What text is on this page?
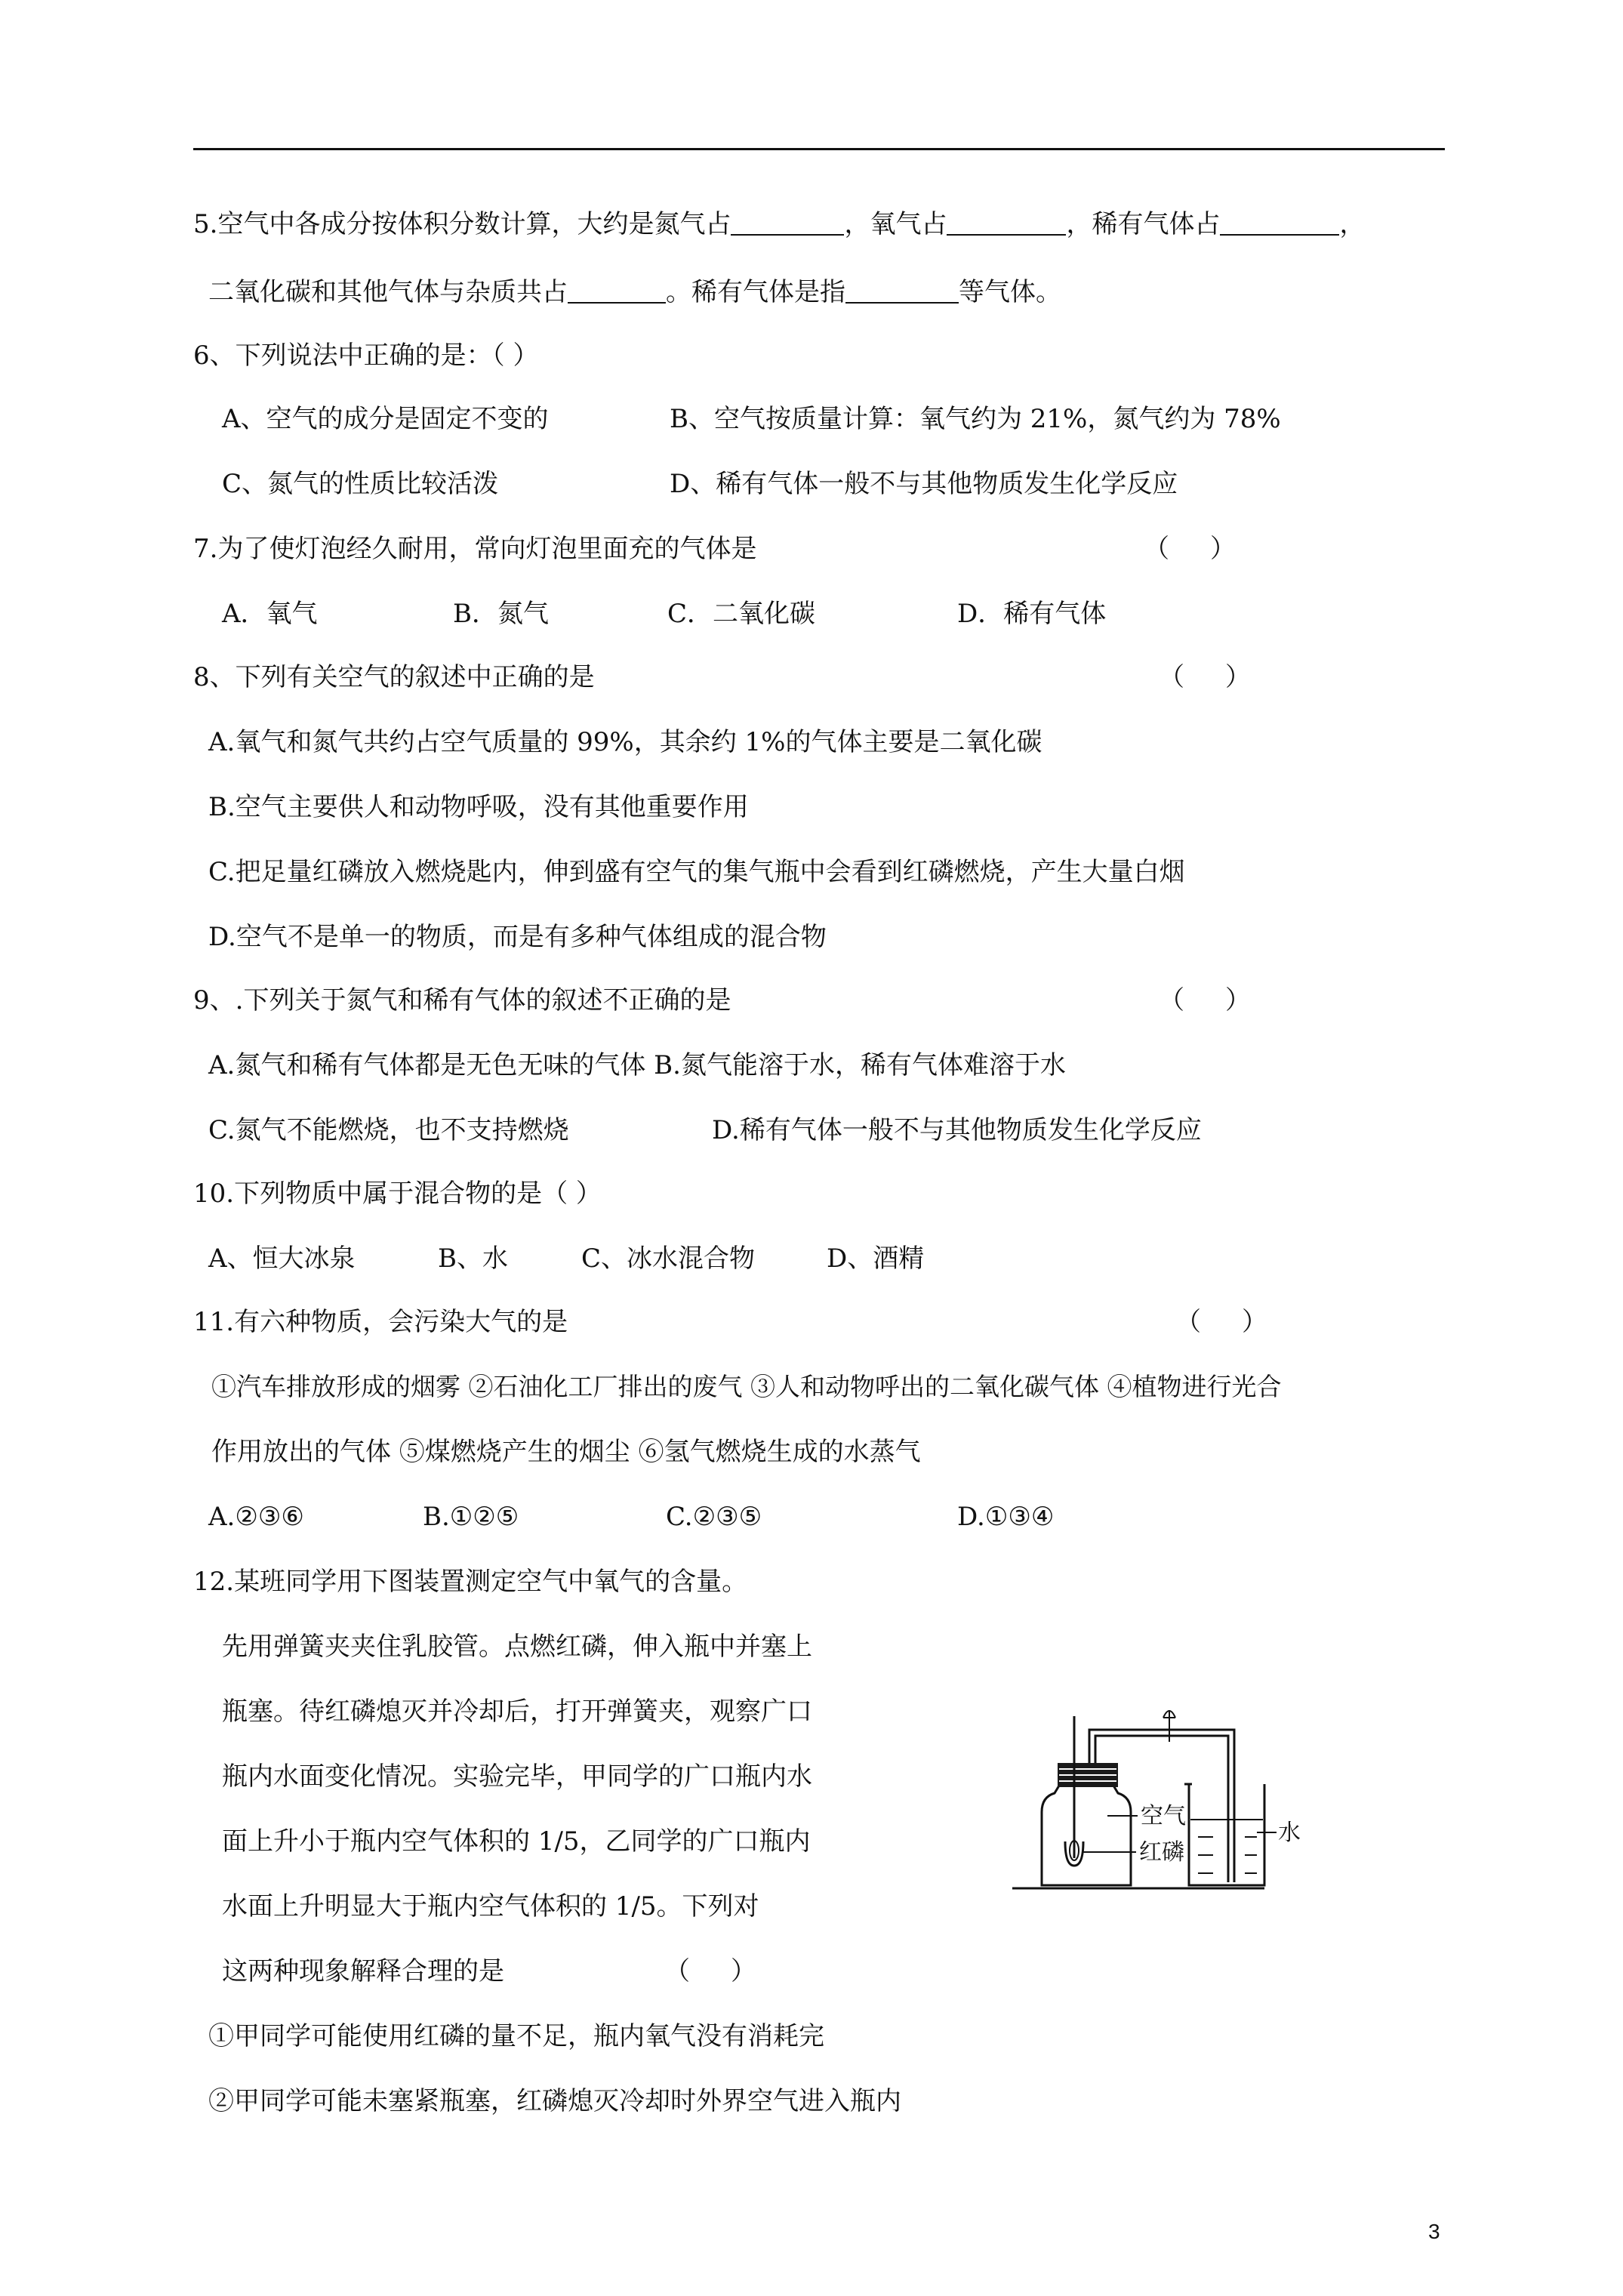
5.空气中各成分按体积分数计算，大约是氮气占	，氧气占	，稀有气体占	，
二氧化碳和其他气体与杂质共占	。稀有气体是指	等气体。
6、下列说法中正确的是：（ ）
A、空气的成分是固定不变的	B、空气按质量计算：氧气约为 21%，氮气约为 78%
C、氮气的性质比较活泼	D、稀有气体一般不与其他物质发生化学反应
7.为了使灯泡经久耐用，常向灯泡里面充的气体是	（     ）
A．氧气	B．氮气	C．二氧化碳	D．稀有气体
8、下列有关空气的叙述中正确的是	（     ）
A.氧气和氮气共约占空气质量的 99%，其余约 1%的气体主要是二氧化碳
B.空气主要供人和动物呼吸，没有其他重要作用
C.把足量红磷放入燃烧匙内，伸到盛有空气的集气瓶中会看到红磷燃烧，产生大量白烟
D.空气不是单一的物质，而是有多种气体组成的混合物
9、.下列关于氮气和稀有气体的叙述不正确的是	（     ）
A.氮气和稀有气体都是无色无味的气体 B.氮气能溶于水，稀有气体难溶于水
C.氮气不能燃烧，也不支持燃烧	D.稀有气体一般不与其他物质发生化学反应
10.下列物质中属于混合物的是（ ）
A、恒大冰泉	B、水	C、冰水混合物	D、酒精
11.有六种物质，会污染大气的是	（     ）
①汽车排放形成的烟雾 ②石油化工厂排出的废气 ③人和动物呼出的二氧化碳气体 ④植物进行光合
作用放出的气体 ⑤煤燃烧产生的烟尘 ⑥氢气燃烧生成的水蒸气
A.②③⑥	B.①②⑤	C.②③⑤	D.①③④
12.某班同学用下图装置测定空气中氧气的含量。
先用弹簧夹夹住乳胶管。点燃红磷，伸入瓶中并塞上
瓶塞。待红磷熄灭并冷却后，打开弹簧夹，观察广口
瓶内水面变化情况。实验完毕，甲同学的广口瓶内水
面上升小于瓶内空气体积的 1/5，乙同学的广口瓶内
水面上升明显大于瓶内空气体积的 1/5。下列对
这两种现象解释合理的是	（     ）
①甲同学可能使用红磷的量不足，瓶内氧气没有消耗完
②甲同学可能未塞紧瓶塞，红磷熄灭冷却时外界空气进入瓶内
空气
红磷
水
3
